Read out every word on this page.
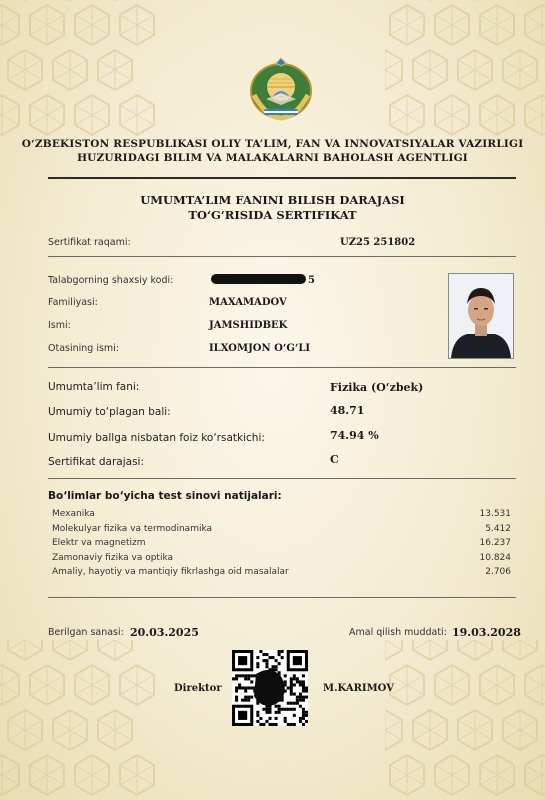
O‘ZBEKISTON RESPUBLIKASI OLIY TA’LIM, FAN VA INNOVATSIYALAR VAZIRLIGI
HUZURIDAGI BILIM VA MALAKALARNI BAHOLASH AGENTLIGI
UMUMTA’LIM FANINI BILISH DARAJASI
TO‘G‘RISIDA SERTIFIKAT
Sertifikat raqami:	UZ25 251802
Talabgorning shaxsiy kodi:	5
Familiyasi:	MAXAMADOV
Ismi:	JAMSHIDBEK
Otasining ismi:	ILXOMJON O‘G‘LI
Umumta’lim fani:	Fizika (O‘zbek)
Umumiy to‘plagan bali:	48.71
Umumiy ballga nisbatan foiz ko‘rsatkichi:	74.94 %
Sertifikat darajasi:	C
Bo‘limlar bo‘yicha test sinovi natijalari:
Mexanika	13.531
Molekulyar fizika va termodinamika	5.412
Elektr va magnetizm	16.237
Zamonaviy fizika va optika	10.824
Amaliy, hayotiy va mantiqiy fikrlashga oid masalalar	2.706
Berilgan sanasi: 20.03.2025	Amal qilish muddati: 19.03.2028
Direktor	M.KARIMOV
